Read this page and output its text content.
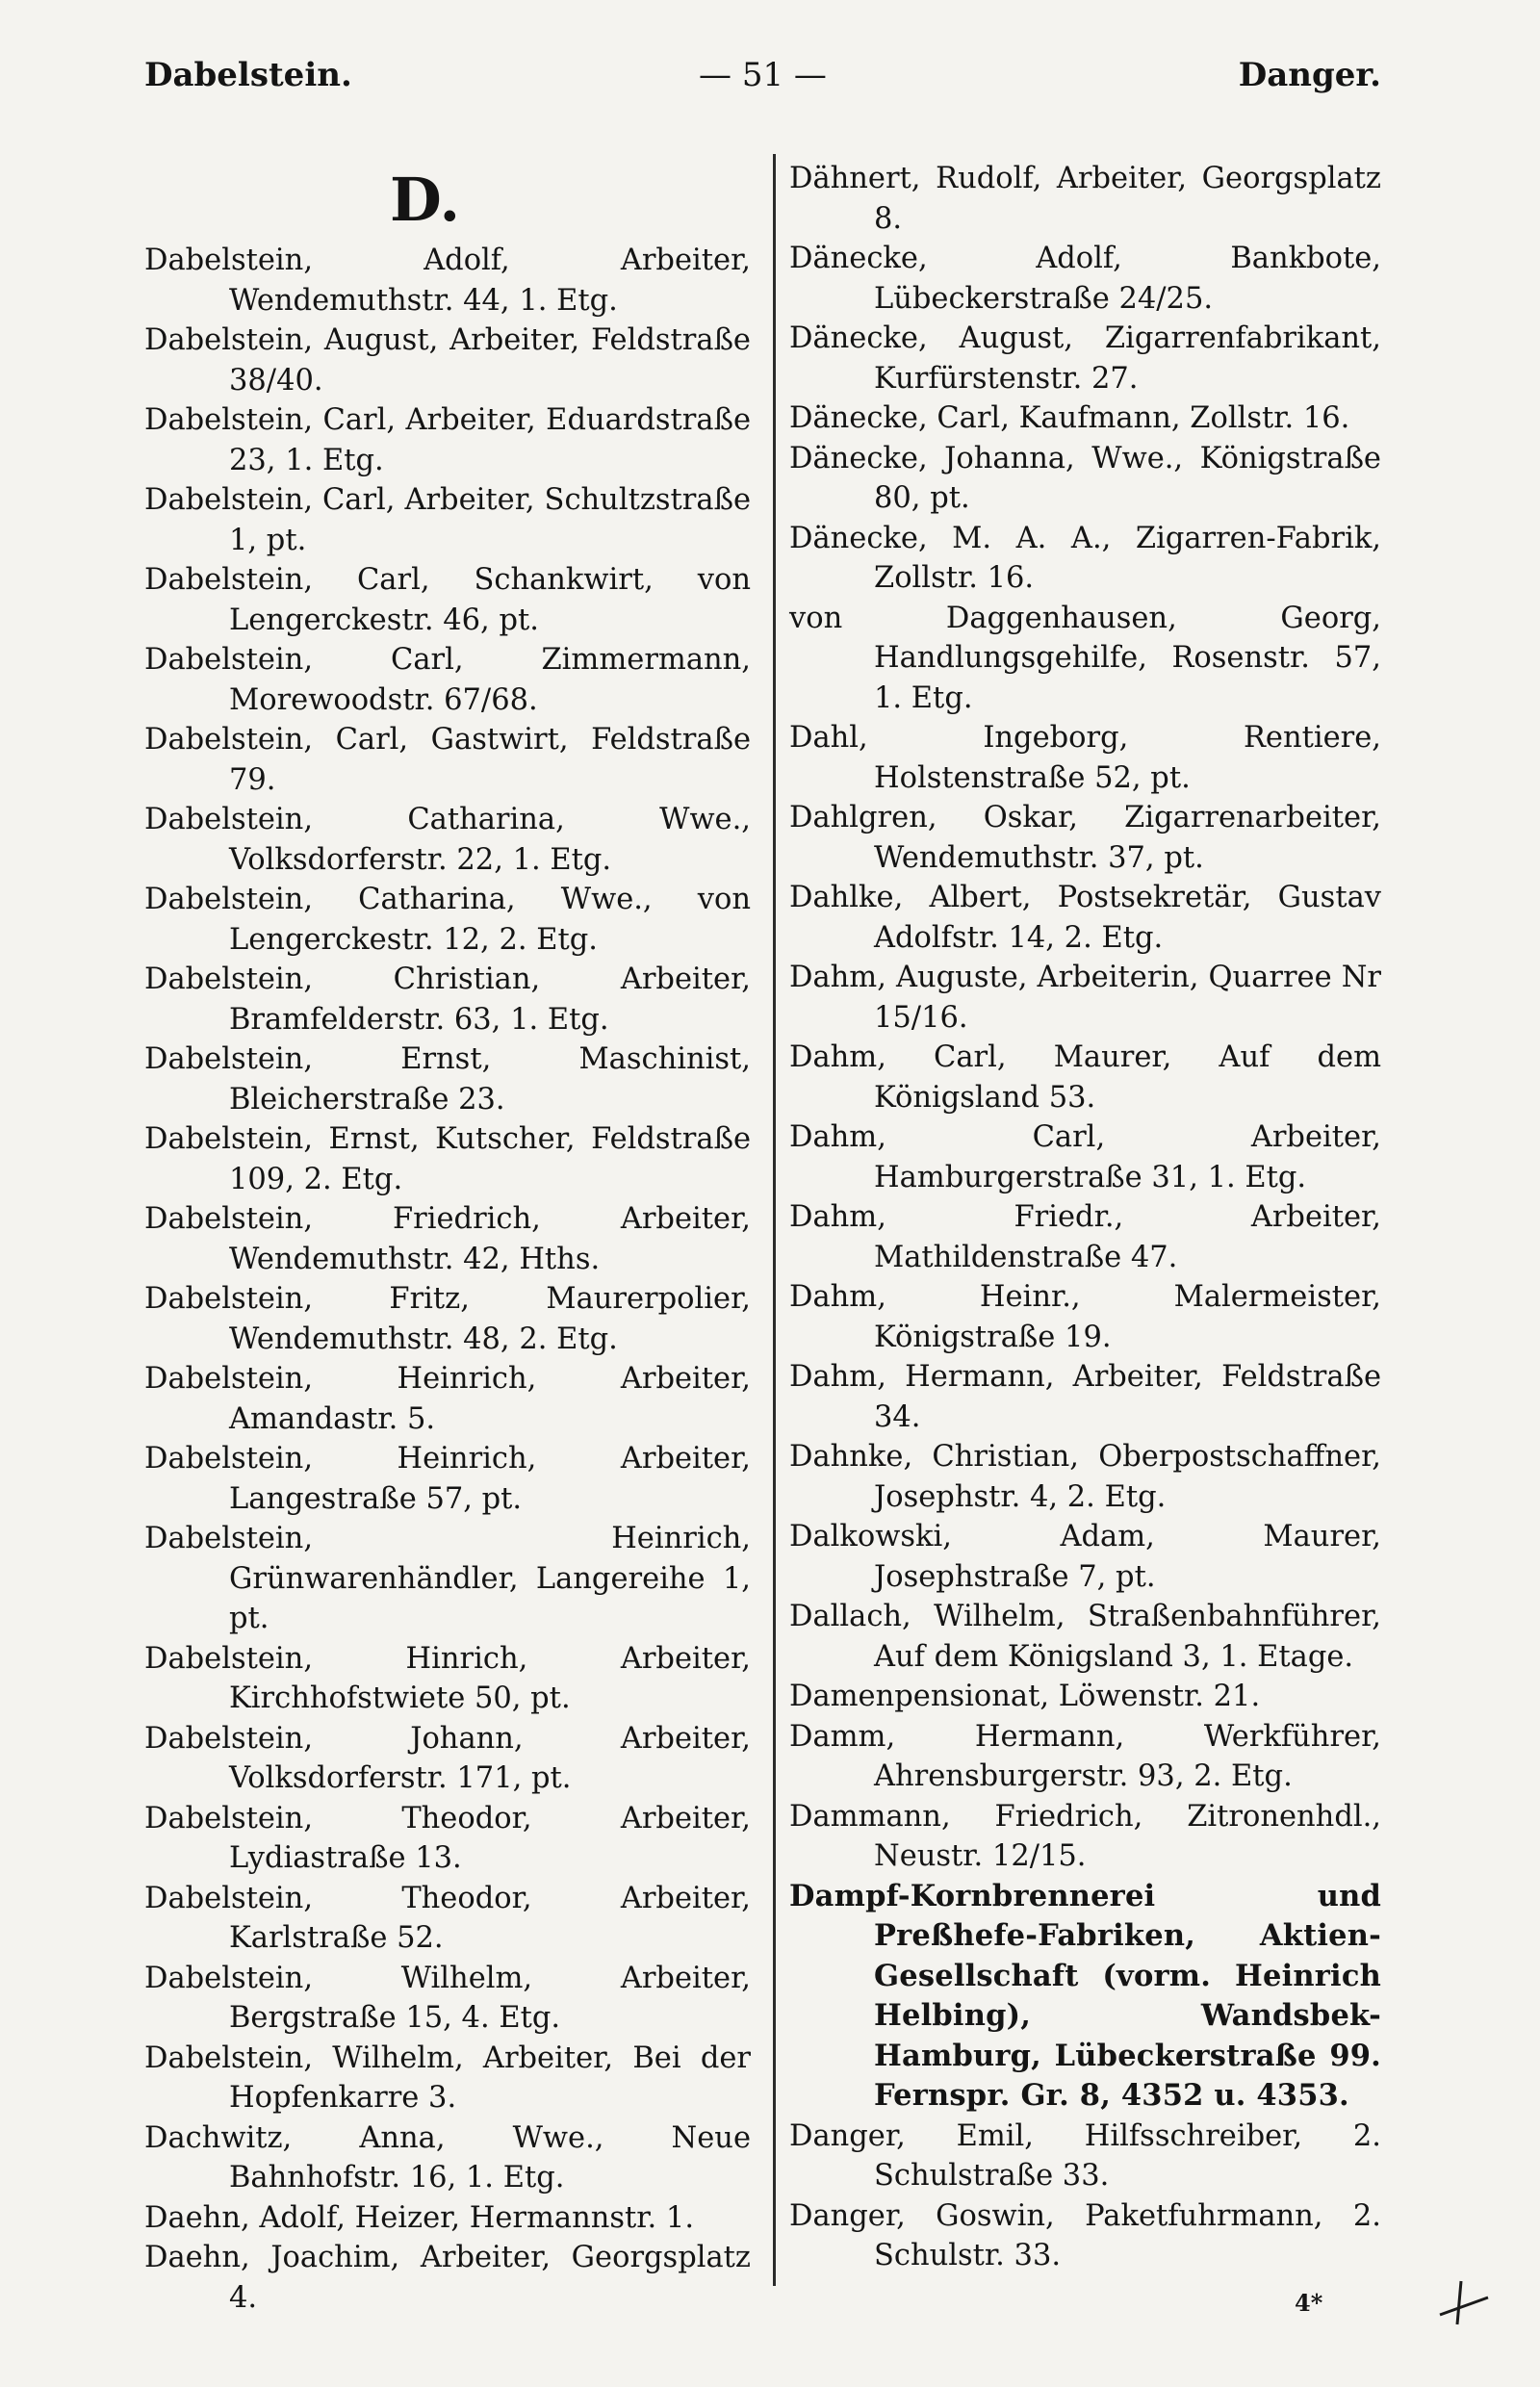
Dabelstein.	— 51 —	Danger.
D.

Dabelstein, Adolf, Arbeiter, Wendemuthstr. 44, 1. Etg.

Dabelstein, August, Arbeiter, Feldstraße 38/40.

Dabelstein, Carl, Arbeiter, Eduardstraße 23, 1. Etg.

Dabelstein, Carl, Arbeiter, Schultzstraße 1, pt.

Dabelstein, Carl, Schankwirt, von Lengerckestr. 46, pt.

Dabelstein, Carl, Zimmermann, Morewoodstr. 67/68.

Dabelstein, Carl, Gastwirt, Feldstraße 79.

Dabelstein, Catharina, Wwe., Volksdorferstr. 22, 1. Etg.

Dabelstein, Catharina, Wwe., von Lengerckestr. 12, 2. Etg.

Dabelstein, Christian, Arbeiter, Bramfelderstr. 63, 1. Etg.

Dabelstein, Ernst, Maschinist, Bleicherstraße 23.

Dabelstein, Ernst, Kutscher, Feldstraße 109, 2. Etg.

Dabelstein, Friedrich, Arbeiter, Wendemuthstr. 42, Hths.

Dabelstein, Fritz, Maurerpolier, Wendemuthstr. 48, 2. Etg.

Dabelstein, Heinrich, Arbeiter, Amandastr. 5.

Dabelstein, Heinrich, Arbeiter, Langestraße 57, pt.

Dabelstein, Heinrich, Grünwarenhändler, Langereihe 1, pt.

Dabelstein, Hinrich, Arbeiter, Kirchhofstwiete 50, pt.

Dabelstein, Johann, Arbeiter, Volksdorferstr. 171, pt.

Dabelstein, Theodor, Arbeiter, Lydiastraße 13.

Dabelstein, Theodor, Arbeiter, Karlstraße 52.

Dabelstein, Wilhelm, Arbeiter, Bergstraße 15, 4. Etg.

Dabelstein, Wilhelm, Arbeiter, Bei der Hopfenkarre 3.

Dachwitz, Anna, Wwe., Neue Bahnhofstr. 16, 1. Etg.

Daehn, Adolf, Heizer, Hermannstr. 1.

Daehn, Joachim, Arbeiter, Georgsplatz 4.

Dähnert, Rudolf, Arbeiter, Georgsplatz 8.

Dänecke, Adolf, Bankbote, Lübeckerstraße 24/25.

Dänecke, August, Zigarrenfabrikant, Kurfürstenstr. 27.

Dänecke, Carl, Kaufmann, Zollstr. 16.

Dänecke, Johanna, Wwe., Königstraße 80, pt.

Dänecke, M. A. A., Zigarren-Fabrik, Zollstr. 16.

von Daggenhausen, Georg, Handlungsgehilfe, Rosenstr. 57, 1. Etg.

Dahl, Ingeborg, Rentiere, Holstenstraße 52, pt.

Dahlgren, Oskar, Zigarrenarbeiter, Wendemuthstr. 37, pt.

Dahlke, Albert, Postsekretär, Gustav Adolfstr. 14, 2. Etg.

Dahm, Auguste, Arbeiterin, Quarree Nr 15/16.

Dahm, Carl, Maurer, Auf dem Königsland 53.

Dahm, Carl, Arbeiter, Hamburgerstraße 31, 1. Etg.

Dahm, Friedr., Arbeiter, Mathildenstraße 47.

Dahm, Heinr., Malermeister, Königstraße 19.

Dahm, Hermann, Arbeiter, Feldstraße 34.

Dahnke, Christian, Oberpostschaffner, Josephstr. 4, 2. Etg.

Dalkowski, Adam, Maurer, Josephstraße 7, pt.

Dallach, Wilhelm, Straßenbahnführer, Auf dem Königsland 3, 1. Etage.

Damenpensionat, Löwenstr. 21.

Damm, Hermann, Werkführer, Ahrensburgerstr. 93, 2. Etg.

Dammann, Friedrich, Zitronenhdl., Neustr. 12/15.

Dampf-Kornbrennerei und Preßhefe-Fabriken, Aktien-Gesellschaft (vorm. Heinrich Helbing), Wandsbek-Hamburg, Lübeckerstraße 99. Fernspr. Gr. 8, 4352 u. 4353.

Danger, Emil, Hilfsschreiber, 2. Schulstraße 33.

Danger, Goswin, Paketfuhrmann, 2. Schulstr. 33.

4*
